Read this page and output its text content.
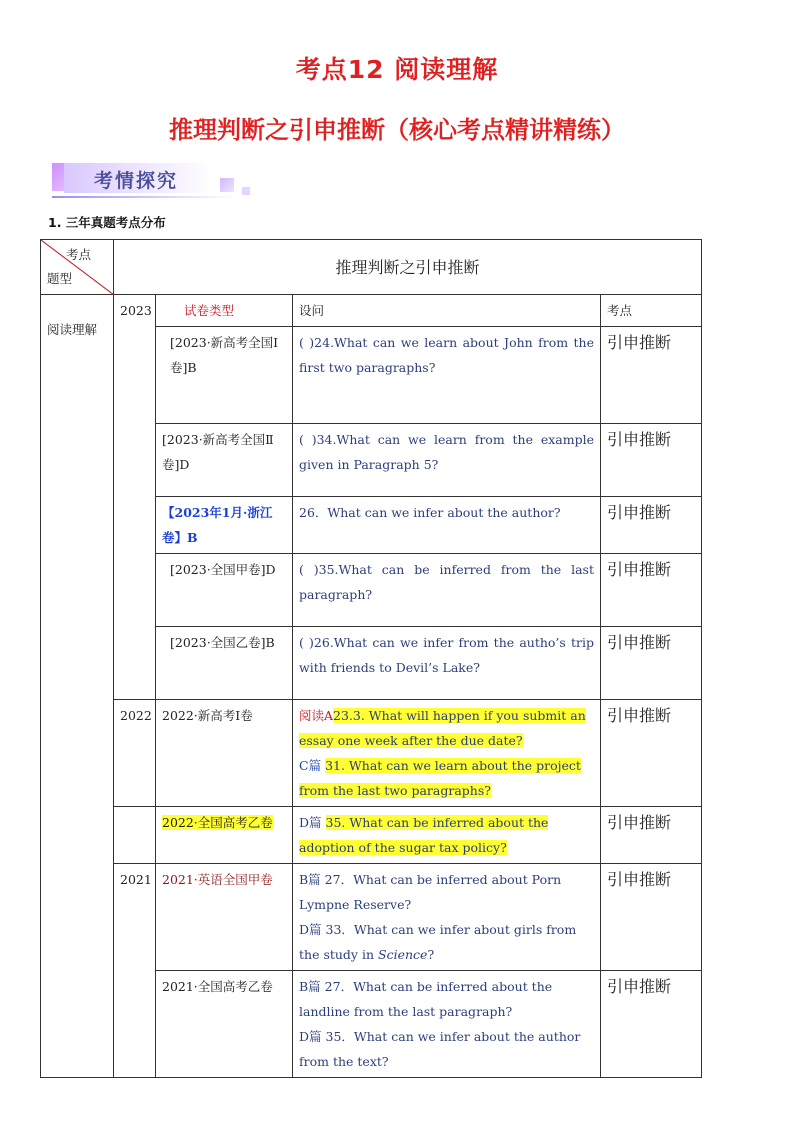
考点12 阅读理解
推理判断之引申推断（核心考点精讲精练）
考情探究
1. 三年真题考点分布
考点
题型	推理判断之引申推断			
阅读理解	2023	试卷类型	设问	考点
		[2023·新高考全国Ⅰ卷]B	( )24.What can we learn about John from the first two paragraphs?	引申推断
		[2023·新高考全国Ⅱ卷]D	( )34.What can we learn from the example given in Paragraph 5?	引申推断
		【2023年1月·浙江卷】B	26．What can we infer about the author?	引申推断
		[2023·全国甲卷]D	( )35.What can be inferred from the last paragraph?	引申推断
		[2023·全国乙卷]B	( )26.What can we infer from the autho’s trip with friends to Devil’s Lake?	引申推断
	2022	2022·新高考Ⅰ卷	阅读A23.3. What will happen if you submit an essay one week after the due date?
C篇 31. What can we learn about the project from the last two paragraphs?	引申推断
		2022·全国高考乙卷	D篇 35. What can be inferred about the adoption of the sugar tax policy?	引申推断
	2021	2021·英语全国甲卷	B篇 27．What can be inferred about Porn Lympne Reserve?
D篇 33．What can we infer about girls from the study in Science?	引申推断
		2021·全国高考乙卷	B篇 27．What can be inferred about the landline from the last paragraph?
D篇 35．What can we infer about the author from the text?	引申推断
